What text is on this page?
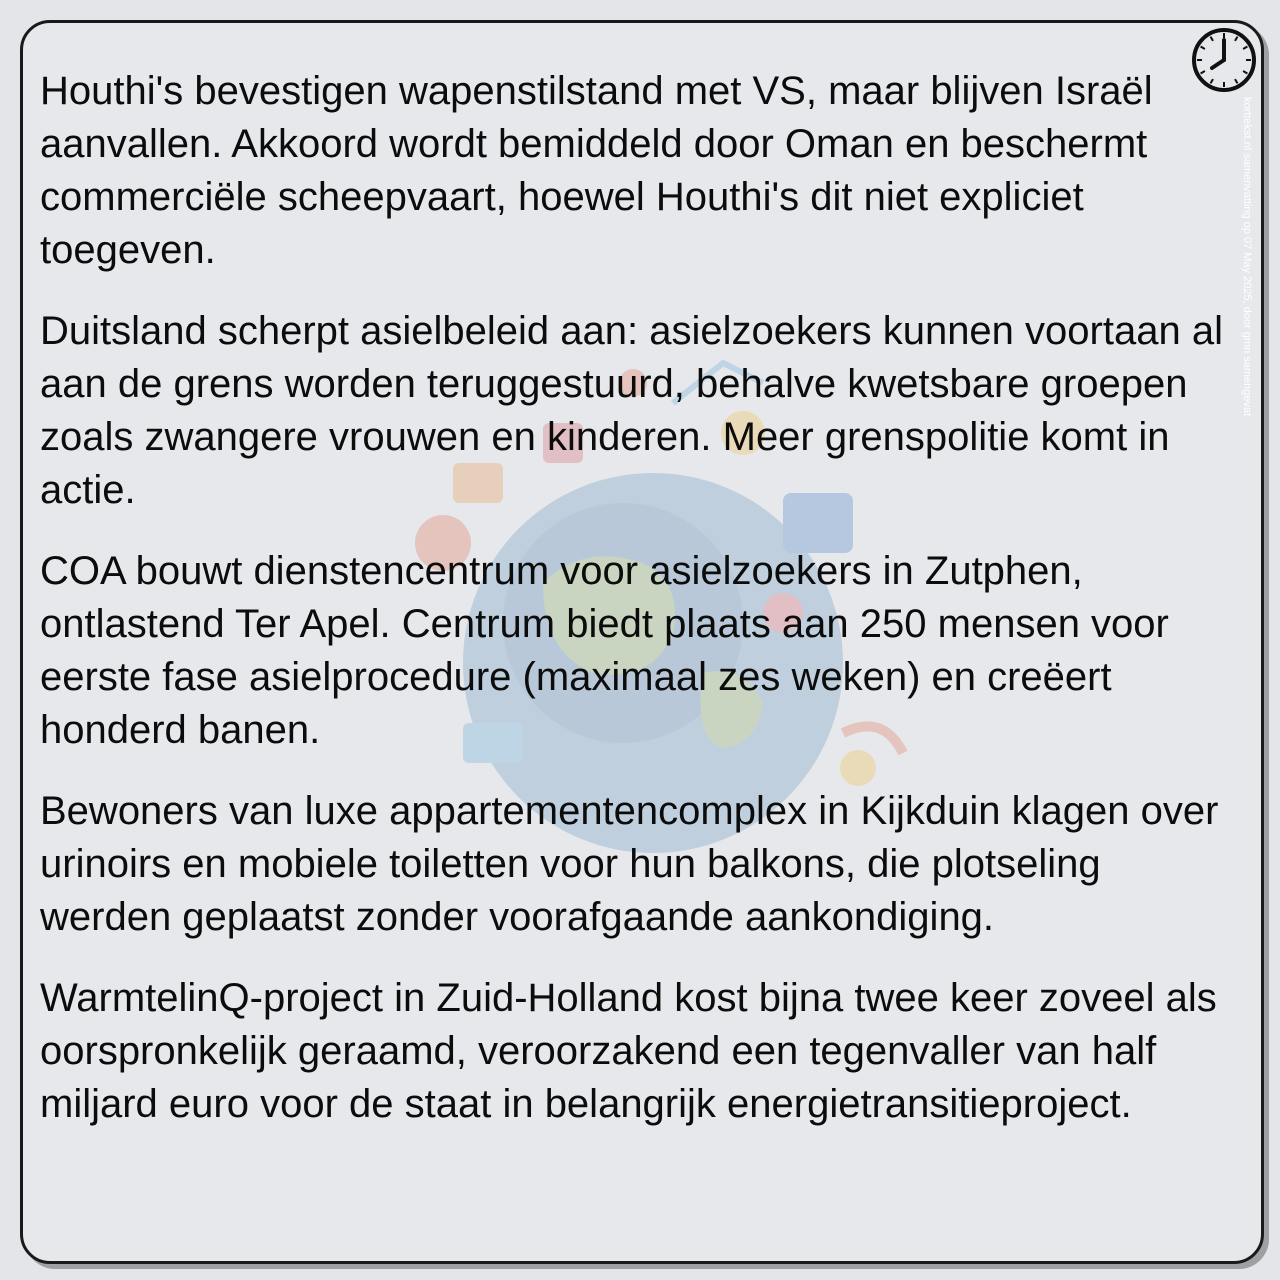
Houthi's bevestigen wapenstilstand met VS, maar blijven Israël aanvallen. Akkoord wordt bemiddeld door Oman en beschermt commerciële scheepvaart, hoewel Houthi's dit niet expliciet toegeven.

Duitsland scherpt asielbeleid aan: asielzoekers kunnen voortaan al aan de grens worden teruggestuurd, behalve kwetsbare groepen zoals zwangere vrouwen en kinderen. Meer grenspolitie komt in actie.

COA bouwt dienstencentrum voor asielzoekers in Zutphen, ontlastend Ter Apel. Centrum biedt plaats aan 250 mensen voor eerste fase asielprocedure (maximaal zes weken) en creëert honderd banen.

Bewoners van luxe appartementencomplex in Kijkduin klagen over urinoirs en mobiele toiletten voor hun balkons, die plotseling werden geplaatst zonder voorafgaande aankondiging.

WarmtelinQ-project in Zuid-Holland kost bijna twee keer zoveel als oorspronkelijk geraamd, veroorzakend een tegenvaller van half miljard euro voor de staat in belangrijk energietransitieproject.

korttekst.nl samenvatting op 07 May 2025, door gmn samengevat
